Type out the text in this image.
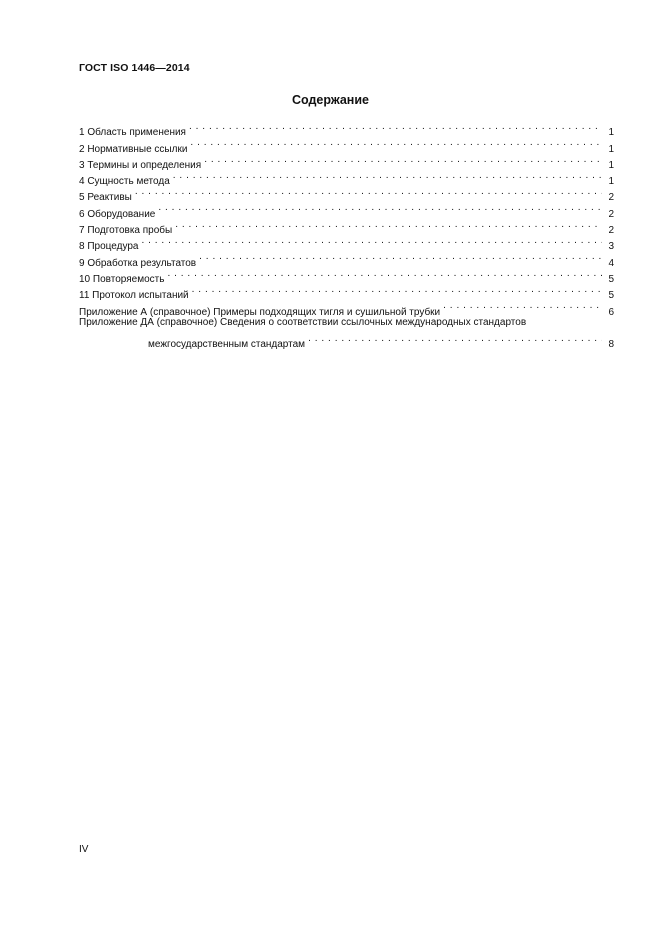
ГОСТ ISO 1446—2014
Содержание
1 Область применения . . .	1
2 Нормативные ссылки . . .	1
3 Термины и определения . . .	1
4 Сущность метода . . .	1
5 Реактивы . . .	2
6 Оборудование . . .	2
7 Подготовка пробы . . .	2
8 Процедура . . .	3
9 Обработка результатов . . .	4
10 Повторяемость . . .	5
11 Протокол испытаний . . .	5
Приложение А (справочное) Примеры подходящих тигля и сушильной трубки . . .	6
Приложение ДА (справочное) Сведения о соответствии ссылочных международных стандартов
межгосударственным стандартам . . .	8
IV
